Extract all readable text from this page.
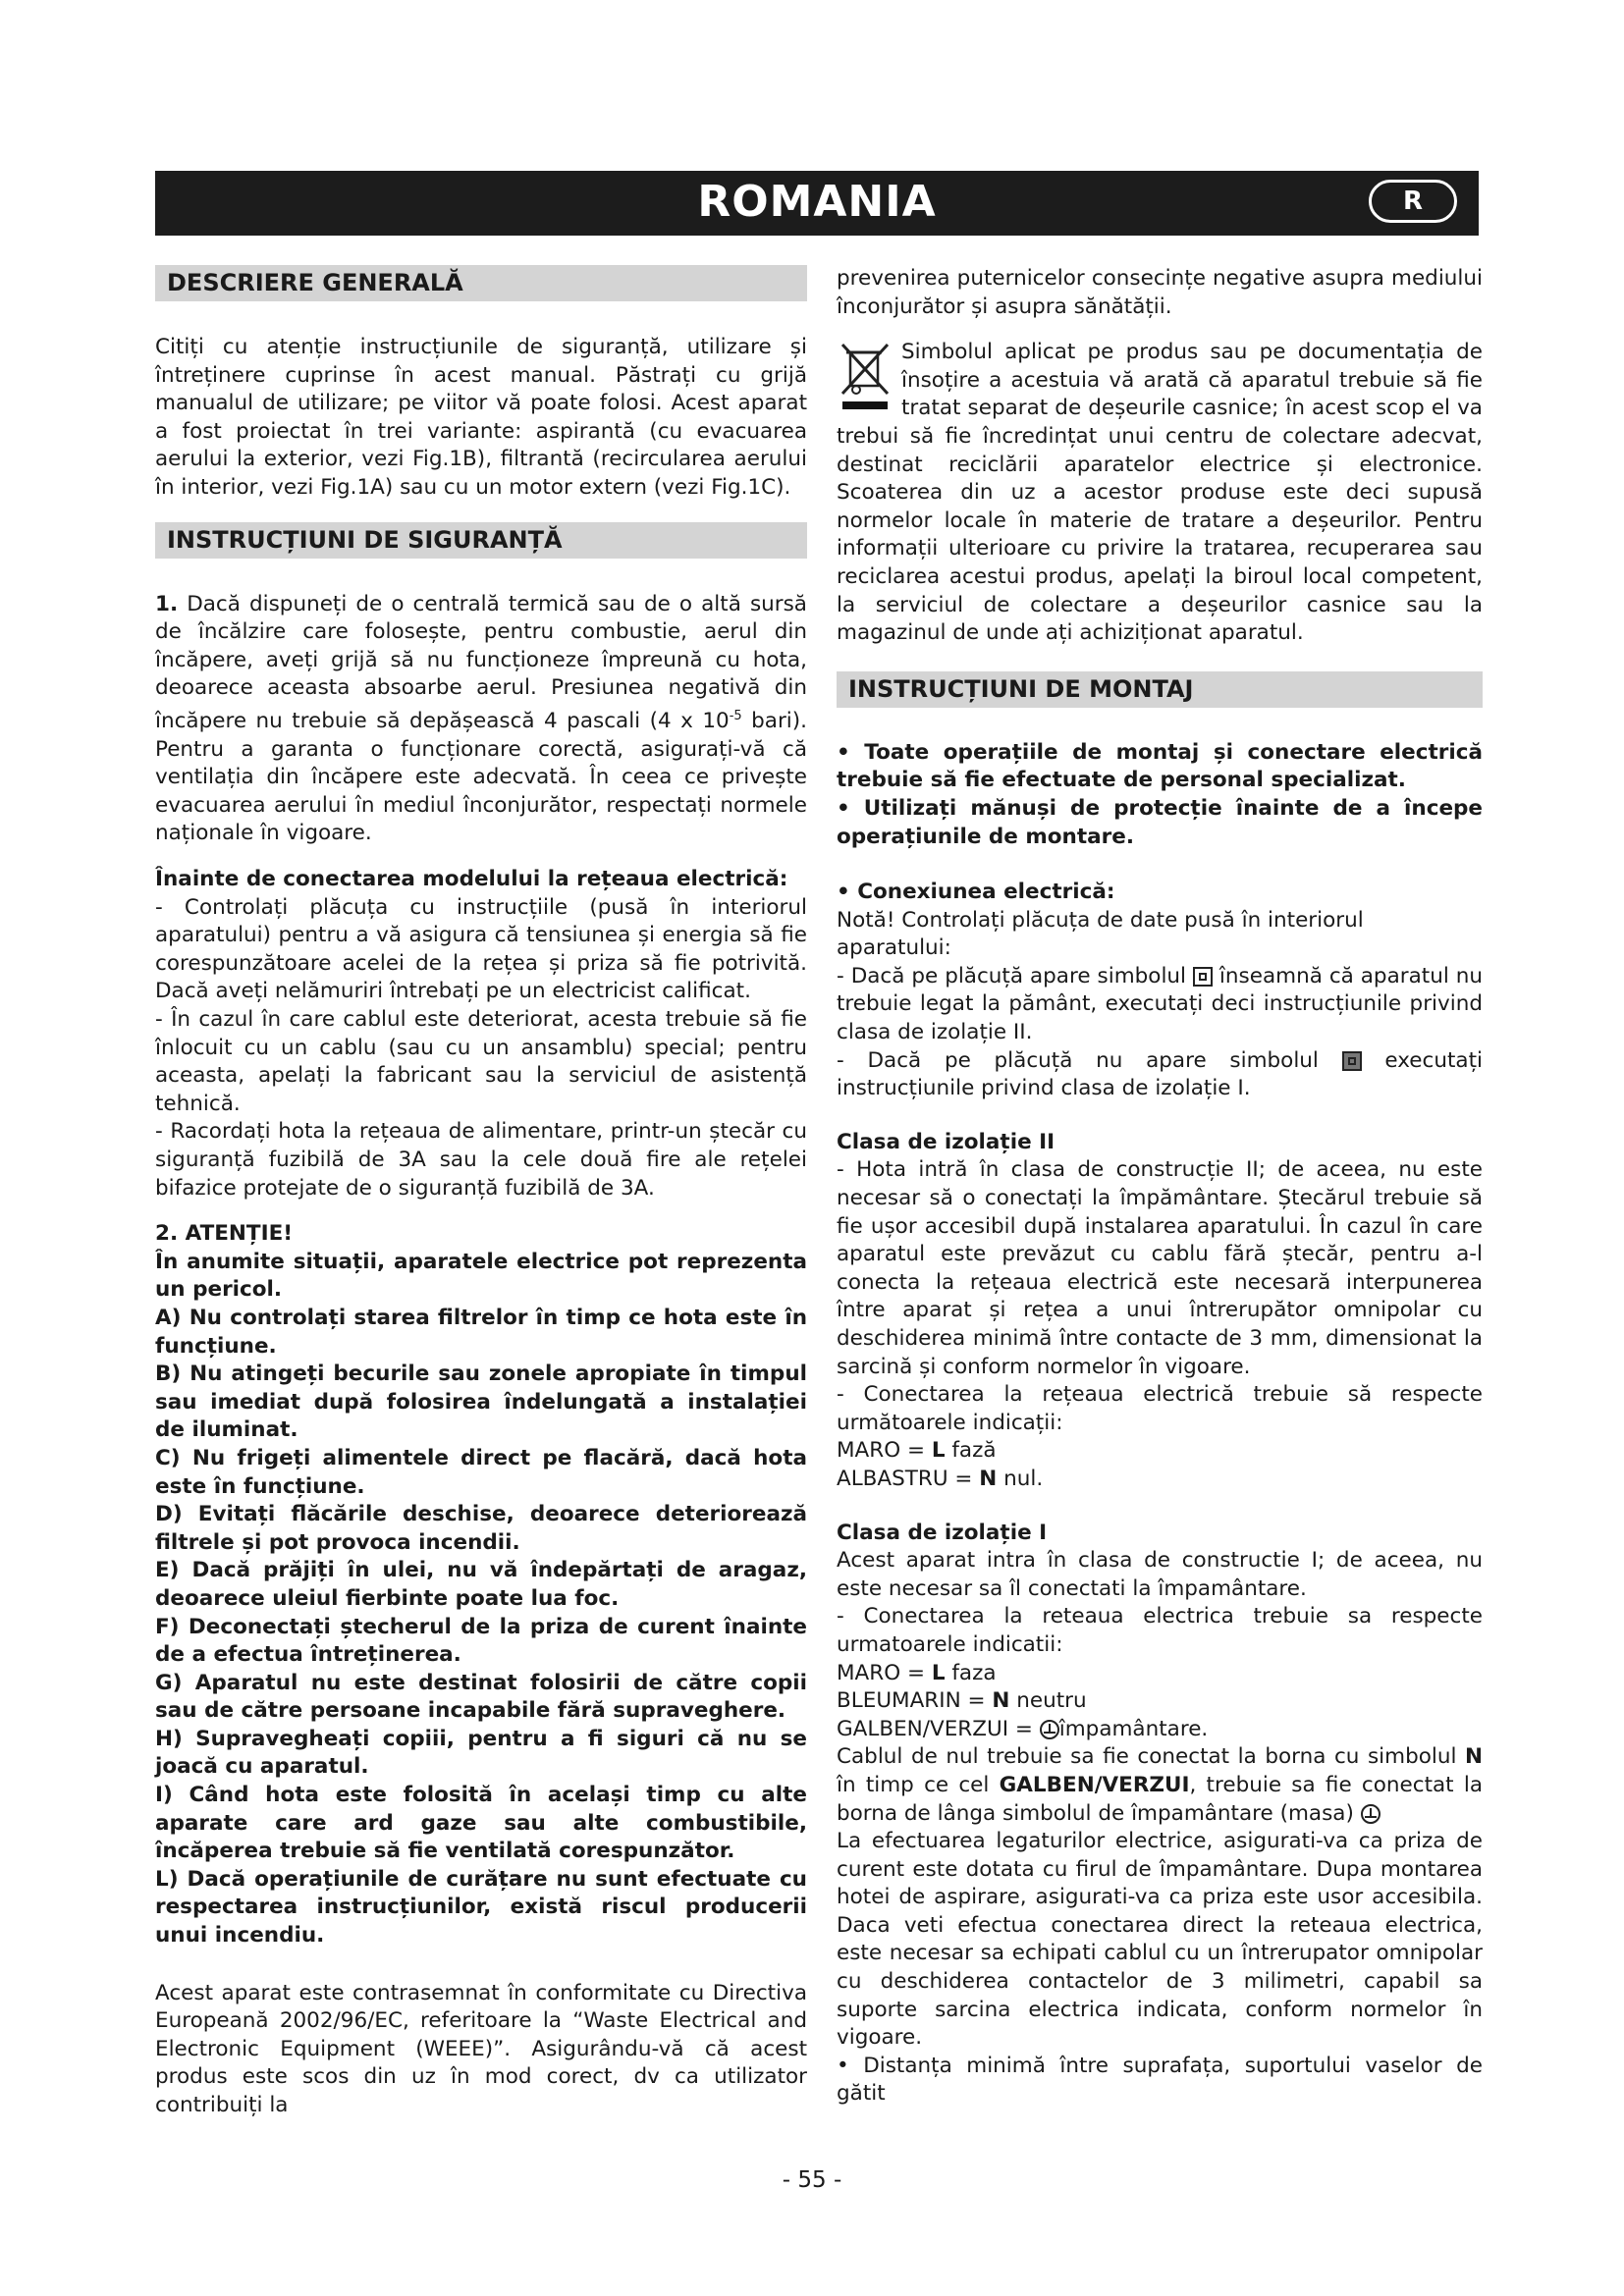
ROMANIA	R
DESCRIERE GENERALĂ

Citiți cu atenție instrucțiunile de siguranță, utilizare și întreținere cuprinse în acest manual. Păstrați cu grijă manualul de utilizare; pe viitor vă poate folosi. Acest aparat a fost proiectat în trei variante: aspirantă (cu evacuarea aerului la exterior, vezi Fig.1B), filtrantă (recircularea aerului în interior, vezi Fig.1A) sau cu un motor extern (vezi Fig.1C).

INSTRUCȚIUNI DE SIGURANȚĂ

1. Dacă dispuneți de o centrală termică sau de o altă sursă de încălzire care folosește, pentru combustie, aerul din încăpere, aveți grijă să nu funcționeze împreună cu hota, deoarece aceasta absoarbe aerul. Presiunea negativă din încăpere nu trebuie să depășească 4 pascali (4 x $10^{-5}$ bari). Pentru a garanta o funcționare corectă, asigurați-vă că ventilația din încăpere este adecvată. În ceea ce privește evacuarea aerului în mediul înconjurător, respectați normele naționale în vigoare.

Înainte de conectarea modelului la rețeaua electrică:

- Controlați plăcuța cu instrucțiile (pusă în interiorul aparatului) pentru a vă asigura că tensiunea și energia să fie corespunzătoare acelei de la rețea și priza să fie potrivită. Dacă aveți nelămuriri întrebați pe un electricist calificat.

- În cazul în care cablul este deteriorat, acesta trebuie să fie înlocuit cu un cablu (sau cu un ansamblu) special; pentru aceasta, apelați la fabricant sau la serviciul de asistență tehnică.

- Racordați hota la rețeaua de alimentare, printr-un ștecăr cu siguranță fuzibilă de 3A sau la cele două fire ale rețelei bifazice protejate de o siguranță fuzibilă de 3A.

2. ATENȚIE!

În anumite situații, aparatele electrice pot reprezenta un pericol.

A) Nu controlați starea filtrelor în timp ce hota este în funcțiune.

B) Nu atingeți becurile sau zonele apropiate în timpul sau imediat după folosirea îndelungată a instalației de iluminat.

C) Nu frigeți alimentele direct pe flacără, dacă hota este în funcțiune.

D) Evitați flăcările deschise, deoarece deteriorează filtrele și pot provoca incendii.

E) Dacă prăjiți în ulei, nu vă îndepărtați de aragaz, deoarece uleiul fierbinte poate lua foc.

F) Deconectați ștecherul de la priza de curent înainte de a efectua întreținerea.

G) Aparatul nu este destinat folosirii de către copii sau de către persoane incapabile fără supraveghere.

H) Supravegheați copiii, pentru a fi siguri că nu se joacă cu aparatul.

I) Când hota este folosită în același timp cu alte aparate care ard gaze sau alte combustibile, încăperea trebuie să fie ventilată corespunzător.

L) Dacă operațiunile de curățare nu sunt efectuate cu respectarea instrucțiunilor, există riscul producerii unui incendiu.

Acest aparat este contrasemnat în conformitate cu Directiva Europeană 2002/96/EC, referitoare la “Waste Electrical and Electronic Equipment (WEEE)”. Asigurându-vă că acest produs este scos din uz în mod corect, dv ca utilizator contribuiți la

prevenirea puternicelor consecințe negative asupra mediului înconjurător și asupra sănătății.

Simbolul aplicat pe produs sau pe documentația de însoțire a acestuia vă arată că aparatul trebuie să fie tratat separat de deșeurile casnice; în acest scop el va trebui să fie încredințat unui centru de colectare adecvat, destinat reciclării aparatelor electrice și electronice. Scoaterea din uz a acestor produse este deci supusă normelor locale în materie de tratare a deșeurilor. Pentru informații ulterioare cu privire la tratarea, recuperarea sau reciclarea acestui produs, apelați la biroul local competent, la serviciul de colectare a deșeurilor casnice sau la magazinul de unde ați achiziționat aparatul.

INSTRUCȚIUNI DE MONTAJ

• Toate operațiile de montaj și conectare electrică trebuie să fie efectuate de personal specializat.

• Utilizați mănuși de protecție înainte de a începe operațiunile de montare.

• Conexiunea electrică:

Notă! Controlați plăcuța de date pusă în interiorul aparatului:

- Dacă pe plăcuță apare simbolul înseamnă că aparatul nu trebuie legat la pământ, executați deci instrucțiunile privind clasa de izolație II.

- Dacă pe plăcuță nu apare simbolul	executați instrucțiunile privind clasa de izolație I.

Clasa de izolație II

- Hota intră în clasa de construcție II; de aceea, nu este necesar să o conectați la împământare. Ștecărul trebuie să fie ușor accesibil după instalarea aparatului. În cazul în care aparatul este prevăzut cu cablu fără ștecăr, pentru a-l conecta la rețeaua electrică este necesară interpunerea între aparat și rețea a unui întrerupător omnipolar cu deschiderea minimă între contacte de 3 mm, dimensionat la sarcină și conform normelor în vigoare.

- Conectarea la rețeaua electrică trebuie să respecte următoarele indicații:

MARO = L fază

ALBASTRU = N nul.

Clasa de izolație I

Acest aparat intra în clasa de constructie I; de aceea, nu este necesar sa îl conectati la împamântare.

- Conectarea la reteaua electrica trebuie sa respecte urmatoarele indicatii:

MARO = L faza

BLEUMARIN = N neutru

GALBEN/VERZUI = împamântare.

Cablul de nul trebuie sa fie conectat la borna cu simbolul N în timp ce cel GALBEN/VERZUI, trebuie sa fie conectat la borna de lânga simbolul de împamântare (masa)

La efectuarea legaturilor electrice, asigurati-va ca priza de curent este dotata cu firul de împamântare. Dupa montarea hotei de aspirare, asigurati-va ca priza este usor accesibila. Daca veti efectua conectarea direct la reteaua electrica, este necesar sa echipati cablul cu un întrerupator omnipolar cu deschiderea contactelor de 3 milimetri, capabil sa suporte sarcina electrica indicata, conform normelor în vigoare.

• Distanța minimă între suprafața, suportului vaselor de gătit

- 55 -
